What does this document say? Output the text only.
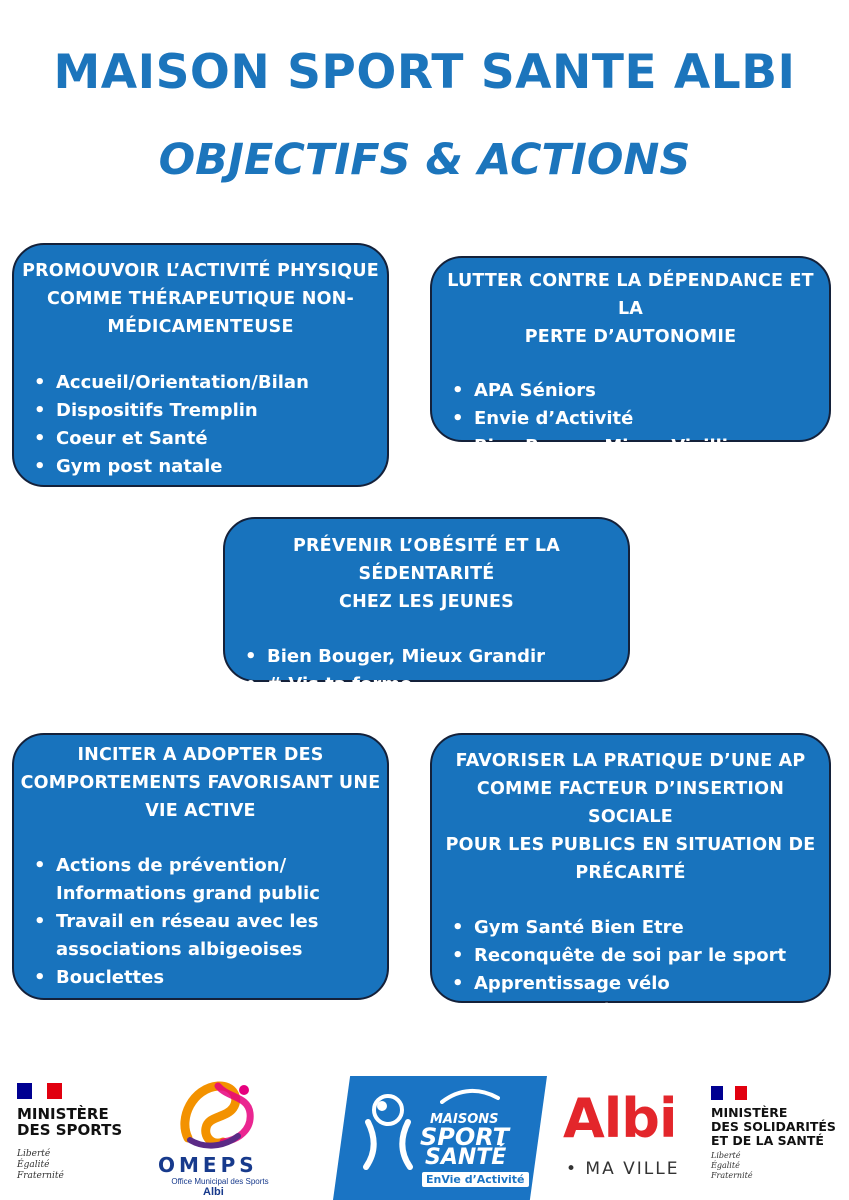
MAISON SPORT SANTE ALBI
OBJECTIFS & ACTIONS
PROMOUVOIR L’ACTIVITÉ PHYSIQUE
COMME THÉRAPEUTIQUE NON-
MÉDICAMENTEUSE
• Accueil/Orientation/Bilan
• Dispositifs Tremplin
• Coeur et Santé
• Gym post natale
LUTTER CONTRE LA DÉPENDANCE ET LA
PERTE D’AUTONOMIE
• APA Séniors
• Envie d’Activité
• Bien Bouger Mieux Vieillir
PRÉVENIR L’OBÉSITÉ ET LA SÉDENTARITÉ
CHEZ LES JEUNES
• Bien Bouger, Mieux Grandir
• # Vis ta forme
INCITER A ADOPTER DES
COMPORTEMENTS FAVORISANT UNE
VIE ACTIVE
• Actions de prévention/
Informations grand public
• Travail en réseau avec les
associations albigeoises
• Bouclettes
FAVORISER LA PRATIQUE D’UNE AP
COMME FACTEUR D’INSERTION SOCIALE
POUR LES PUBLICS EN SITUATION DE
PRÉCARITÉ
• Gym Santé Bien Etre
• Reconquête de soi par le sport
• Apprentissage vélo
• Multi Activités
MINISTÈRE
DES SPORTS
Liberté
Égalité
Fraternité	OMEPS
Office Municipal des Sports
Albi
MAISONS
SPORT
SANTÉ
EnVie d’Activité
Albi
• MA VILLE
MINISTÈRE
DES SOLIDARITÉS
ET DE LA SANTÉ
Liberté
Égalité
Fraternité
